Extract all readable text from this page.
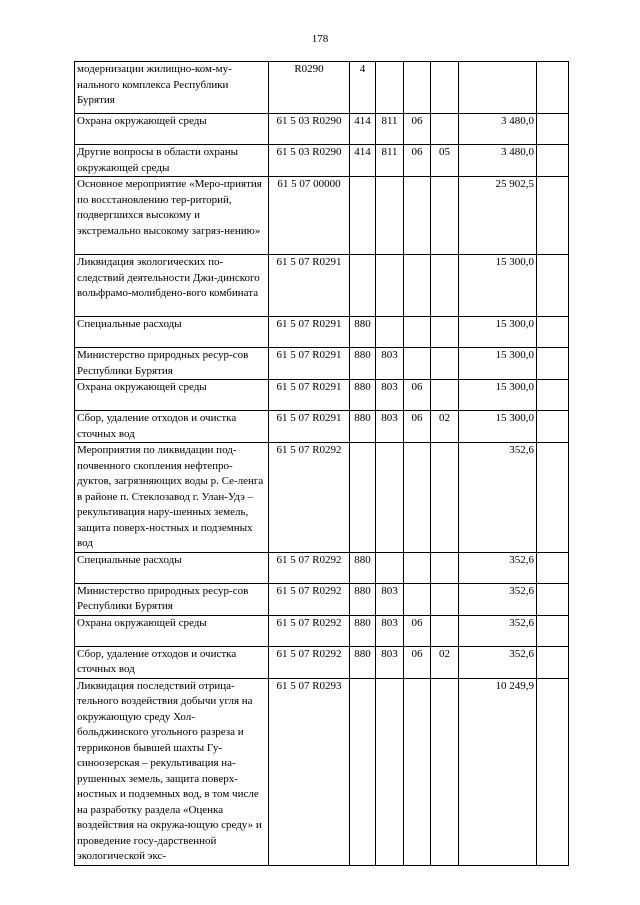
178
модернизации жилищно-ком-му-нального комплекса Республики Бурятия	R0290	4					
Охрана окружающей среды	61 5 03 R0290	414	811	06		3 480,0	
Другие вопросы в области охраны окружающей среды	61 5 03 R0290	414	811	06	05	3 480,0	
Основное мероприятие «Меро-приятия по восстановлению тер-риторий, подвергшихся высокому и экстремально высокому загряз-нению»	61 5 07 00000					25 902,5	
Ликвидация экологических по-следствий деятельности Джи-динского вольфрамо-молибдено-вого комбината	61 5 07 R0291					15 300,0	
Специальные расходы	61 5 07 R0291	880				15 300,0	
Министерство природных ресур-сов Республики Бурятия	61 5 07 R0291	880	803			15 300,0	
Охрана окружающей среды	61 5 07 R0291	880	803	06		15 300,0	
Сбор, удаление отходов и очистка сточных вод	61 5 07 R0291	880	803	06	02	15 300,0	
Мероприятия по ликвидации под-почвенного скопления нефтепро-дуктов, загрязняющих воды р. Се-ленга в районе п. Стеклозавод г. Улан-Удэ – рекультивация нару-шенных земель, защита поверх-ностных и подземных вод	61 5 07 R0292					352,6	
Специальные расходы	61 5 07 R0292	880				352,6	
Министерство природных ресур-сов Республики Бурятия	61 5 07 R0292	880	803			352,6	
Охрана окружающей среды	61 5 07 R0292	880	803	06		352,6	
Сбор, удаление отходов и очистка сточных вод	61 5 07 R0292	880	803	06	02	352,6	
Ликвидация последствий отрица-тельного воздействия добычи угля на окружающую среду Хол-больджинского угольного разреза и терриконов бывшей шахты Гу-синоозерская – рекультивация на-рушенных земель, защита поверх-ностных и подземных вод, в том числе на разработку раздела «Оценка воздействия на окружа-ющую среду» и проведение госу-дарственной экологической экс-	61 5 07 R0293					10 249,9	
